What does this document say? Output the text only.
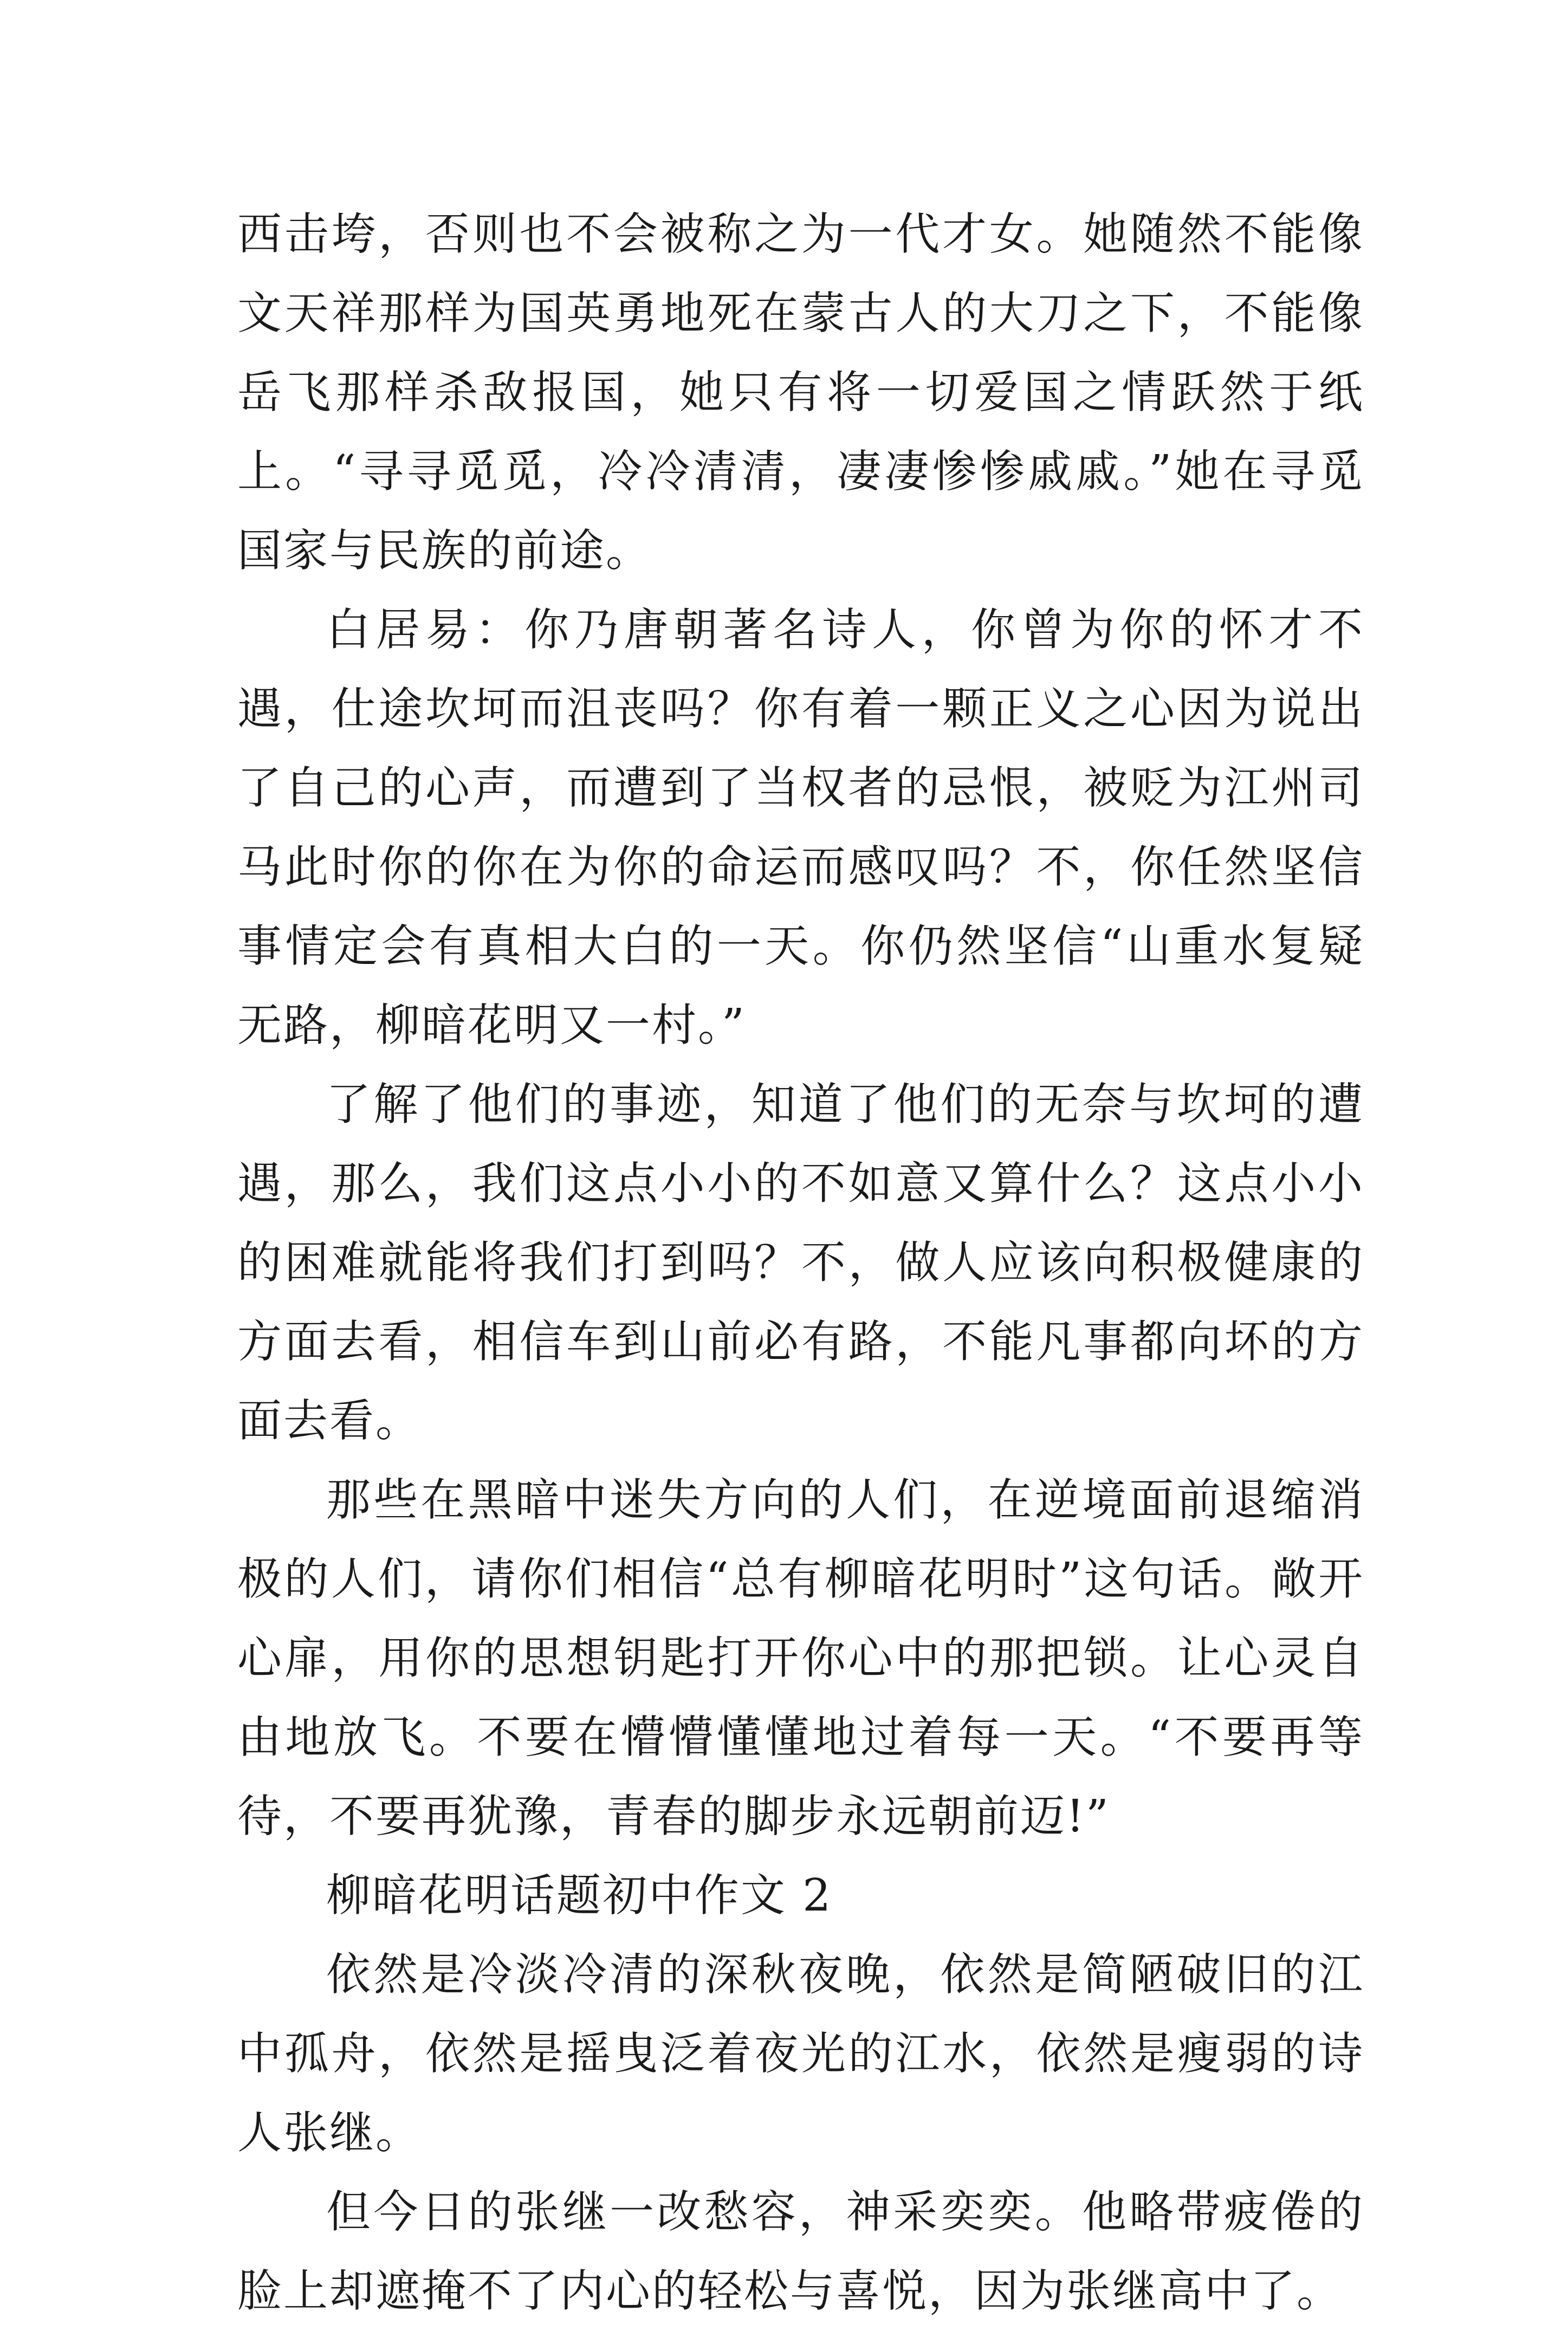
西击垮，否则也不会被称之为一代才女。她随然不能像文天祥那样为国英勇地死在蒙古人的大刀之下，不能像岳飞那样杀敌报国，她只有将一切爱国之情跃然于纸上。“寻寻觅觅，冷冷清清，凄凄惨惨戚戚。”她在寻觅国家与民族的前途。

白居易：你乃唐朝著名诗人，你曾为你的怀才不遇，仕途坎坷而沮丧吗？你有着一颗正义之心因为说出了自己的心声，而遭到了当权者的忌恨，被贬为江州司马此时你的你在为你的命运而感叹吗？不，你任然坚信事情定会有真相大白的一天。你仍然坚信“山重水复疑无路，柳暗花明又一村。”

了解了他们的事迹，知道了他们的无奈与坎坷的遭遇，那么，我们这点小小的不如意又算什么？这点小小的困难就能将我们打到吗？不，做人应该向积极健康的方面去看，相信车到山前必有路，不能凡事都向坏的方面去看。

那些在黑暗中迷失方向的人们，在逆境面前退缩消极的人们，请你们相信“总有柳暗花明时”这句话。敞开心扉，用你的思想钥匙打开你心中的那把锁。让心灵自由地放飞。不要在懵懵懂懂地过着每一天。“不要再等待，不要再犹豫，青春的脚步永远朝前迈!”

柳暗花明话题初中作文 2

依然是冷淡冷清的深秋夜晚，依然是简陋破旧的江中孤舟，依然是摇曳泛着夜光的江水，依然是瘦弱的诗人张继。

但今日的张继一改愁容，神采奕奕。他略带疲倦的脸上却遮掩不了内心的轻松与喜悦，因为张继高中了。
